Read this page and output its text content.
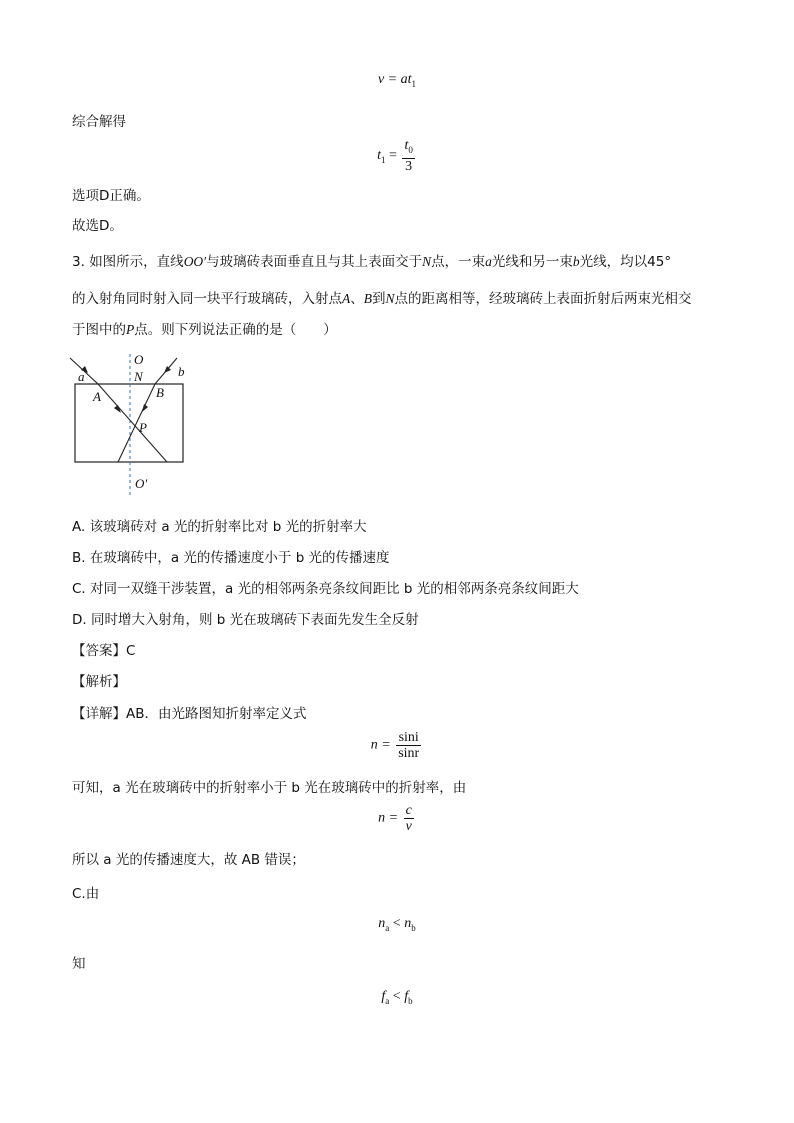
$v = at_1$
综合解得
$t_1 = \frac{t_0}{3}$
选项D正确。
故选D。
3. 如图所示，直线OO′与玻璃砖表面垂直且与其上表面交于N点，一束a光线和另一束b光线，均以45°
的入射角同时射入同一块平行玻璃砖，入射点A、B到N点的距离相等，经玻璃砖上表面折射后两束光相交
于图中的P点。则下列说法正确的是（　　）
O
N
a	b
A	B
P
O′
A. 该玻璃砖对 a 光的折射率比对 b 光的折射率大
B. 在玻璃砖中，a 光的传播速度小于 b 光的传播速度
C. 对同一双缝干涉装置，a 光的相邻两条亮条纹间距比 b 光的相邻两条亮条纹间距大
D. 同时增大入射角，则 b 光在玻璃砖下表面先发生全反射
【答案】C
【解析】
【详解】AB．由光路图知折射率定义式
$n = \frac{\sin i}{\sin r}$
可知，a 光在玻璃砖中的折射率小于 b 光在玻璃砖中的折射率，由
$n = \frac{c}{v}$
所以 a 光的传播速度大，故 AB 错误；
C.由
$n_a < n_b$
知
$f_a < f_b$
